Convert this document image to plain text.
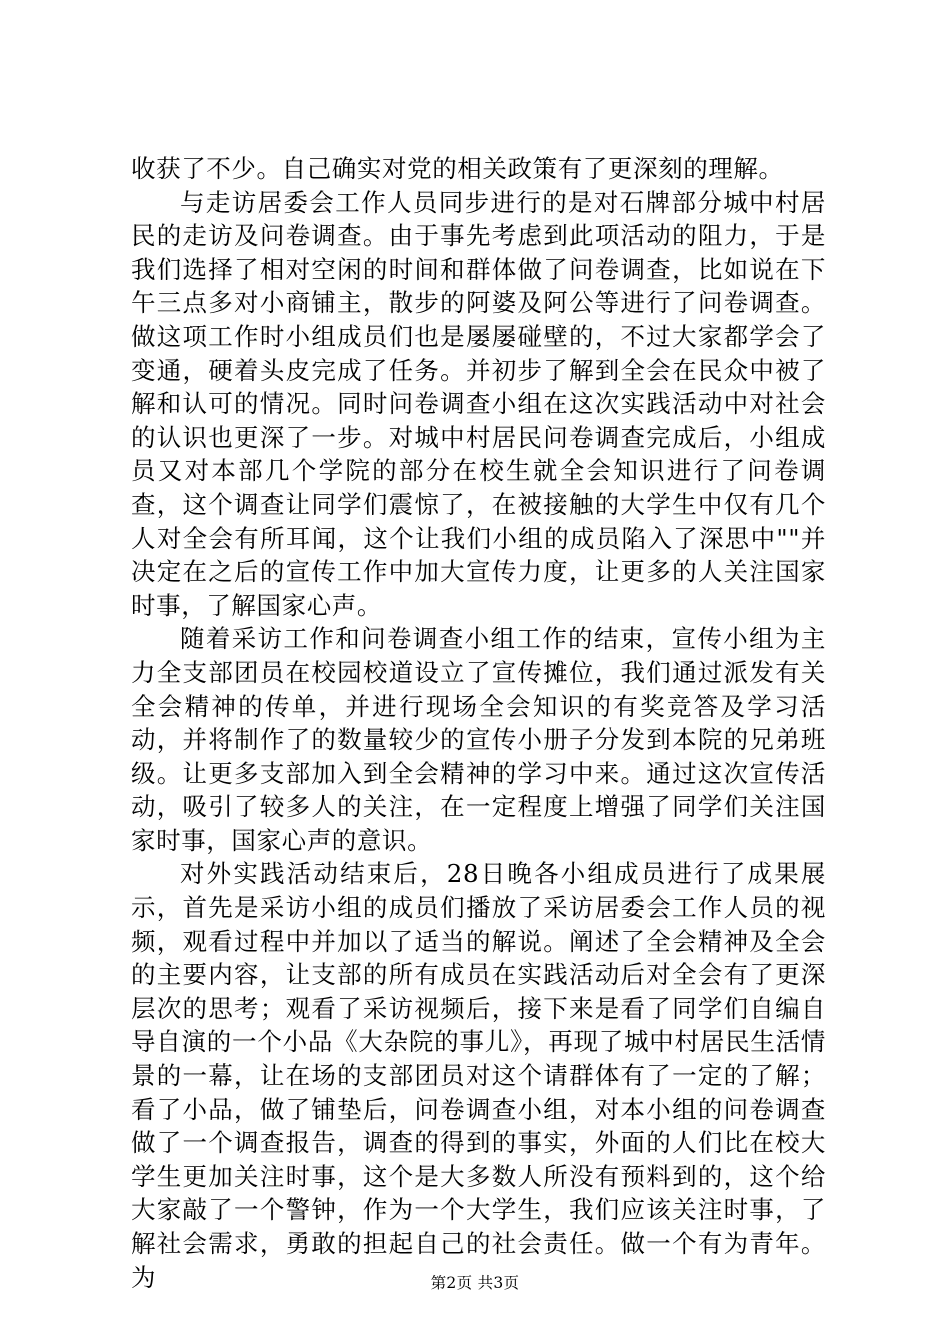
收获了不少。自己确实对党的相关政策有了更深刻的理解。

与走访居委会工作人员同步进行的是对石牌部分城中村居民的走访及问卷调查。由于事先考虑到此项活动的阻力，于是我们选择了相对空闲的时间和群体做了问卷调查，比如说在下午三点多对小商铺主，散步的阿婆及阿公等进行了问卷调查。做这项工作时小组成员们也是屡屡碰壁的，不过大家都学会了变通，硬着头皮完成了任务。并初步了解到全会在民众中被了解和认可的情况。同时问卷调查小组在这次实践活动中对社会的认识也更深了一步。对城中村居民问卷调查完成后，小组成员又对本部几个学院的部分在校生就全会知识进行了问卷调查，这个调查让同学们震惊了，在被接触的大学生中仅有几个人对全会有所耳闻，这个让我们小组的成员陷入了深思中""并决定在之后的宣传工作中加大宣传力度，让更多的人关注国家时事，了解国家心声。

随着采访工作和问卷调查小组工作的结束，宣传小组为主力全支部团员在校园校道设立了宣传摊位，我们通过派发有关全会精神的传单，并进行现场全会知识的有奖竞答及学习活动，并将制作了的数量较少的宣传小册子分发到本院的兄弟班级。让更多支部加入到全会精神的学习中来。通过这次宣传活动，吸引了较多人的关注，在一定程度上增强了同学们关注国家时事，国家心声的意识。

对外实践活动结束后，28日晚各小组成员进行了成果展示，首先是采访小组的成员们播放了采访居委会工作人员的视频，观看过程中并加以了适当的解说。阐述了全会精神及全会的主要内容，让支部的所有成员在实践活动后对全会有了更深层次的思考；观看了采访视频后，接下来是看了同学们自编自导自演的一个小品《大杂院的事儿》，再现了城中村居民生活情景的一幕，让在场的支部团员对这个请群体有了一定的了解；看了小品，做了铺垫后，问卷调查小组，对本小组的问卷调查做了一个调查报告，调查的得到的事实，外面的人们比在校大学生更加关注时事，这个是大多数人所没有预料到的，这个给大家敲了一个警钟，作为一个大学生，我们应该关注时事，了解社会需求，勇敢的担起自己的社会责任。做一个有为青年。为	第2页 共3页
